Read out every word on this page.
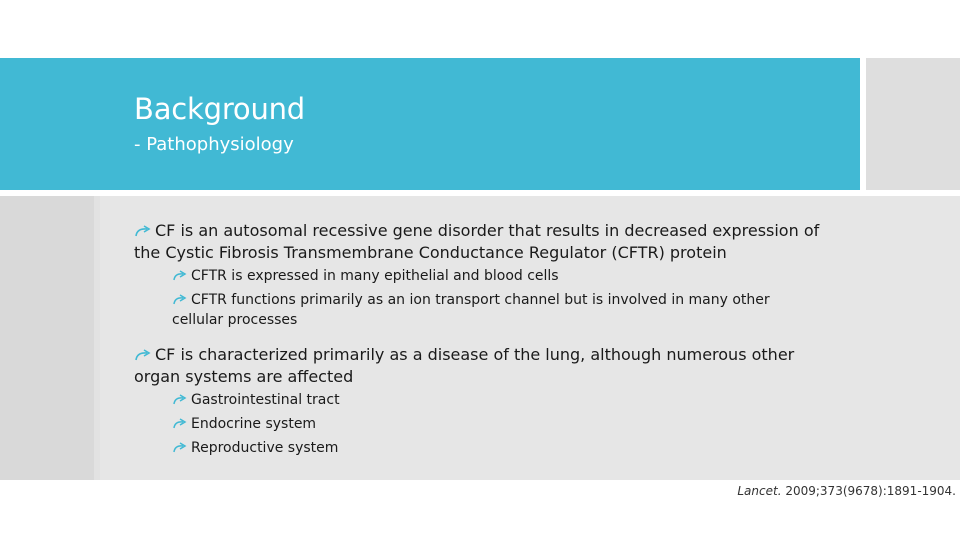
Background

- Pathophysiology

CF is an autosomal recessive gene disorder that results in decreased expression of the Cystic Fibrosis Transmembrane Conductance Regulator (CFTR) protein
CFTR is expressed in many epithelial and blood cells
CFTR functions primarily as an ion transport channel but is involved in many other cellular processes
CF is characterized primarily as a disease of the lung, although numerous other organ systems are affected
Gastrointestinal tract
Endocrine system
Reproductive system
Lancet. 2009;373(9678):1891-1904.
